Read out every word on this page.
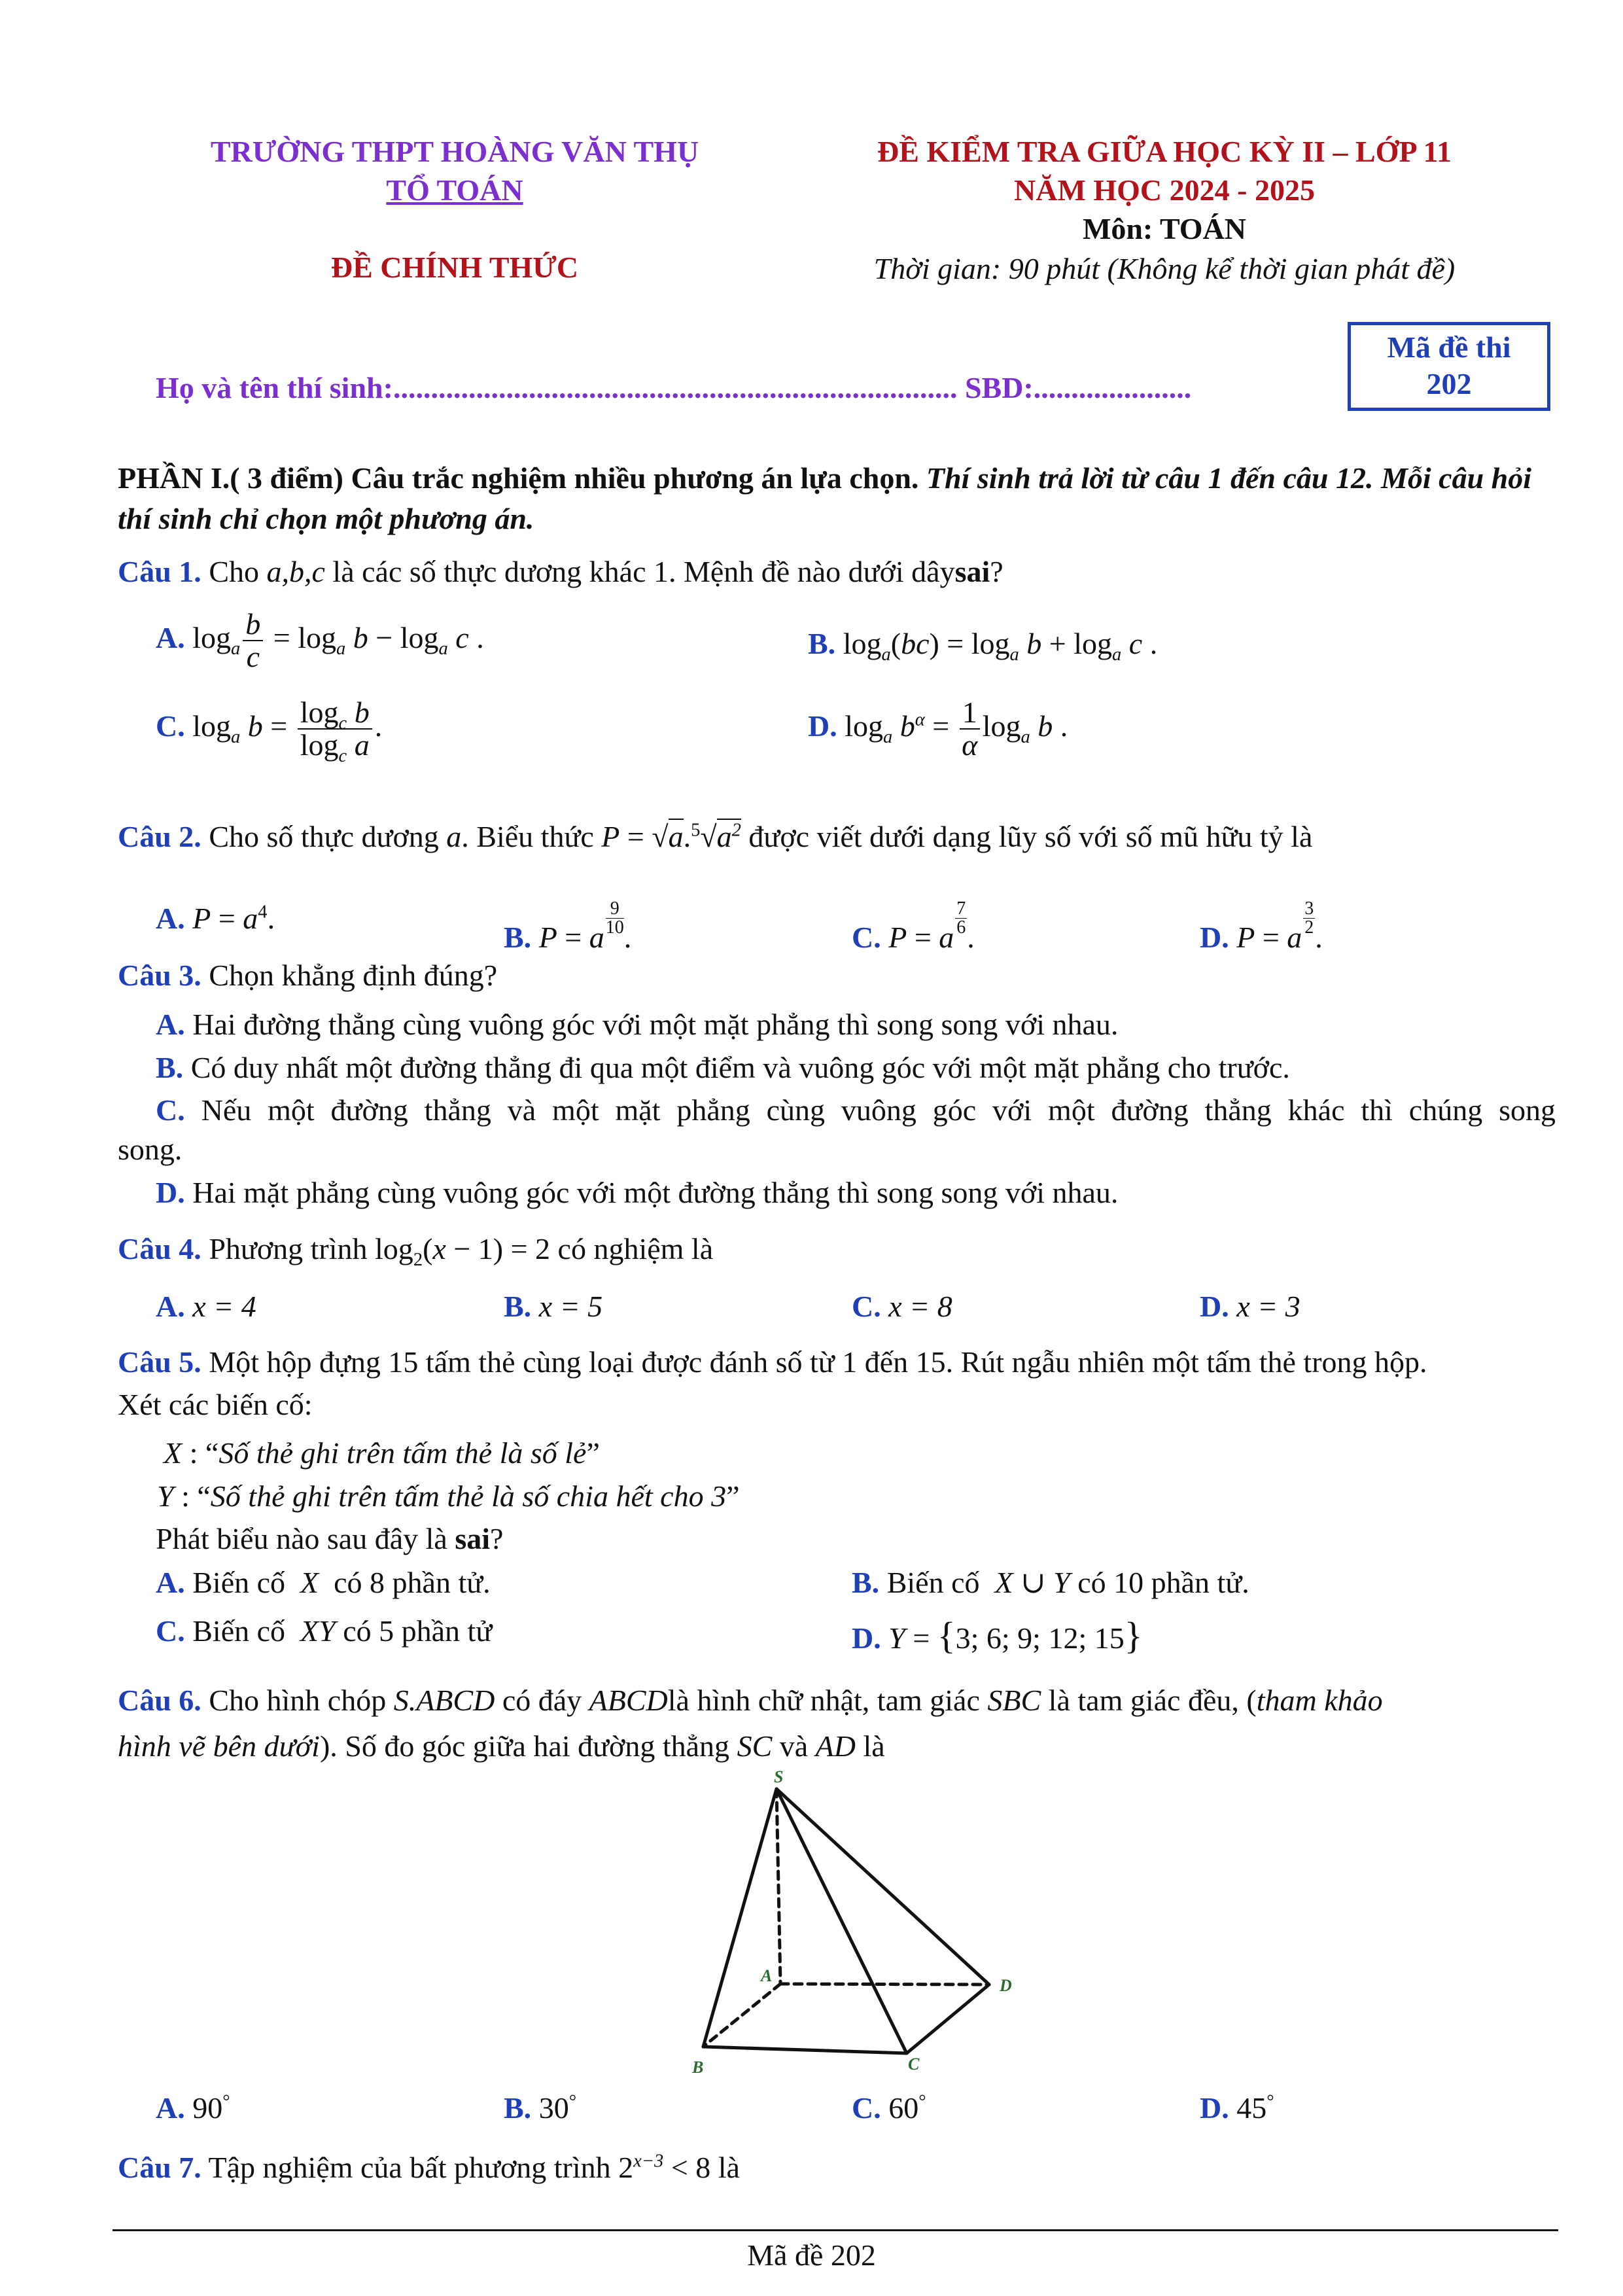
TRƯỜNG THPT HOÀNG VĂN THỤ
TỔ TOÁN
ĐỀ CHÍNH THỨC
ĐỀ KIỂM TRA GIỮA HỌC KỲ II – LỚP 11
NĂM HỌC 2024 - 2025
Môn: TOÁN
Thời gian: 90 phút (Không kể thời gian phát đề)
Họ và tên thí sinh:........................................................................... SBD:.....................
Mã đề thi
202
PHẦN I.( 3 điểm) Câu trắc nghiệm nhiều phương án lựa chọn. Thí sinh trả lời từ câu 1 đến câu 12. Mỗi câu hỏi thí sinh chỉ chọn một phương án.
Câu 1. Cho a,b,c là các số thực dương khác 1. Mệnh đề nào dưới dâysai?
A. $\log_a \frac{b}{c} = \log_a b - \log_a c$ .	B. $\log_a(bc) = \log_a b + \log_a c$ .
C. $\log_a b = \frac{\log_c b}{\log_c a}$ .	D. $\log_a b^\alpha = \frac{1}{\alpha} \log_a b$ .
Câu 2. Cho số thực dương a. Biểu thức $P = √a.^5√a^2$ được viết dưới dạng lũy số với số mũ hữu tỷ là
A. $P = a^4$.
B. P = a
$\frac{9}{10}$
.	C. P = a
$\frac{7}{6}$
.	D. P = a
$\frac{3}{2}$
.
Câu 3. Chọn khẳng định đúng?
A. Hai đường thẳng cùng vuông góc với một mặt phẳng thì song song với nhau.
B. Có duy nhất một đường thẳng đi qua một điểm và vuông góc với một mặt phẳng cho trước.
C. Nếu một đường thẳng và một mặt phẳng cùng vuông góc với một đường thẳng khác thì chúng song
song.
D. Hai mặt phẳng cùng vuông góc với một đường thẳng thì song song với nhau.
Câu 4. Phương trình $\log_2(x - 1) = 2$ có nghiệm là
A. x = 4	B. x = 5	C. x = 8	D. x = 3
Câu 5. Một hộp đựng 15 tấm thẻ cùng loại được đánh số từ 1 đến 15. Rút ngẫu nhiên một tấm thẻ trong hộp.
Xét các biến cố:
X : “Số thẻ ghi trên tấm thẻ là số lẻ”
Y : “Số thẻ ghi trên tấm thẻ là số chia hết cho 3”
Phát biểu nào sau đây là sai?
A. Biến cố  X  có 8 phần tử.	B. Biến cố  X ∪ Y có 10 phần tử.
C. Biến cố  XY có 5 phần tử	D. Y = {3; 6; 9; 12; 15}
Câu 6. Cho hình chóp S.ABCD có đáy ABCDlà hình chữ nhật, tam giác SBC là tam giác đều, (tham khảo
hình vẽ bên dưới). Số đo góc giữa hai đường thẳng SC và AD là
S
A
D
B	C
A. 90°	B. 30°	C. 60°	D. 45°
Câu 7. Tập nghiệm của bất phương trình $2^{x-3} < 8$ là
Mã đề 202
